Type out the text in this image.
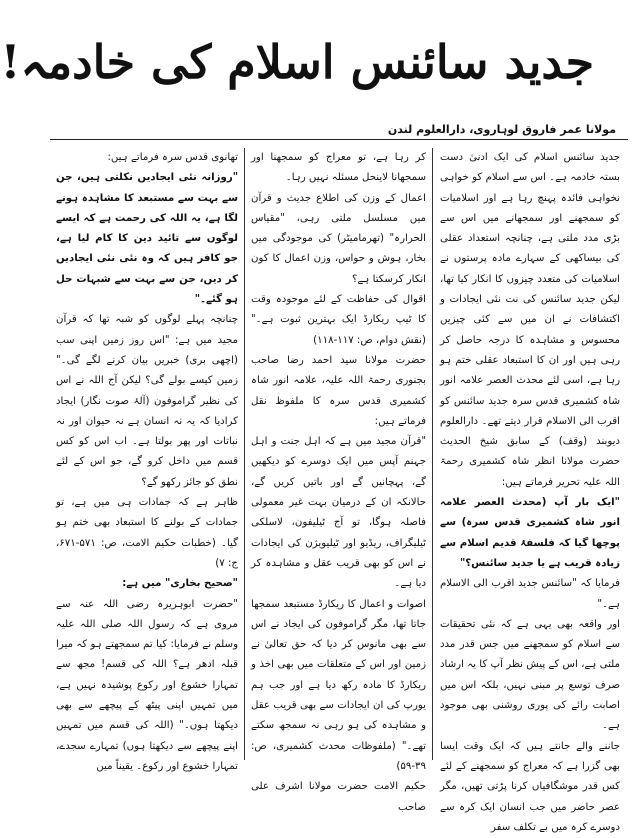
جدید سائنس اسلام کی خادمہ!
مولانا عمر فاروق لوہاروی، دارالعلوم لندن

جدید سائنس اسلام کی ایک ادنیٰ دست بستہ خادمہ ہے۔ اس سے اسلام کو خواہی نخواہی فائدہ پہنچ رہا ہے اور اسلامیات کو سمجھنے اور سمجھانے میں اس سے بڑی مدد ملتی ہے، چنانچہ استعداد عقلی کی بیساکھی کے سہارے مادہ پرستوں نے اسلامیات کی متعدد چیزوں کا انکار کیا تھا، لیکن جدید سائنس کی نت نئی ایجادات و اکتشافات نے ان میں سے کئی چیزیں محسوس و مشاہدہ کا درجہ حاصل کر رہی ہیں اور ان کا استبعاد عقلی ختم ہو رہا ہے، اسی لئے محدث العصر علامہ انور شاہ کشمیری قدس سرہ جدید سائنس کو اقرب الی الاسلام قرار دیتے تھے۔ دارالعلوم دیوبند (وقف) کے سابق شیخ الحدیث حضرت مولانا انظر شاہ کشمیری رحمۃ اللہ علیہ تحریر فرماتے ہیں:

"ایک بار آپ (محدث العصر علامہ انور شاہ کشمیری قدس سرہ) سے پوچھا گیا کہ فلسفۂ قدیم اسلام سے زیادہ قریب ہے یا جدید سائنس؟"

فرمایا کہ "سائنس جدید اقرب الی الاسلام ہے۔"

اور واقعہ بھی یہی ہے کہ نئی تحقیقات سے اسلام کو سمجھنے میں جس قدر مدد ملتی ہے، اس کے پیش نظر آپ کا یہ ارشاد صرف توسع پر مبنی نہیں، بلکہ اس میں اصابت رائے کی پوری روشنی بھی موجود ہے۔

جاننے والے جانتے ہیں کہ ایک وقت ایسا بھی گزرا ہے کہ معراج کو سمجھنے کے لئے کس قدر موشگافیاں کرنا پڑتی تھیں، مگر عصر حاضر میں جب انسان ایک کرہ سے دوسرے کرہ میں بے تکلف سفر

کر رہا ہے، تو معراج کو سمجھنا اور سمجھانا لاینحل مسئلہ نہیں رہا۔

اعمال کے وزن کی اطلاع جدیث و قرآن میں مسلسل ملتی رہی، "مقیاس الحرارہ" (تھرمامیٹر) کی موجودگی میں بخار، ہوش و حواس، وزن اعمال کا کون انکار کرسکتا ہے؟

اقوال کی حفاظت کے لئے موجودہ وقت کا ٹیپ ریکارڈ ایک بہترین ثبوت ہے۔" (نقش دوام، ص: ۱۱۷-۱۱۸)

حضرت مولانا سید احمد رضا صاحب بجنوری رحمۃ اللہ علیہ، علامہ انور شاہ کشمیری قدس سرہ کا ملفوظ نقل فرماتے ہیں:

"قرآن مجید میں ہے کہ اہل جنت و اہل جہنم آپس میں ایک دوسرے کو دیکھیں گے، پہچانیں گے اور باتیں کریں گے، حالانکہ ان کے درمیان بہت غیر معمولی فاصلہ ہوگا، تو آج ٹیلیفون، لاسلکی ٹیلیگراف، ریڈیو اور ٹیلیویژن کی ایجادات نے اس کو بھی قریب عقل و مشاہدہ کر دیا ہے۔

اصوات و اعمال کا ریکارڈ مستبعد سمجھا جاتا تھا، مگر گراموفون کی ایجاد نے اس سے بھی مانوس کر دیا کہ حق تعالیٰ نے زمین اور اس کے متعلقات میں بھی اخذ و ریکارڈ کا مادہ رکھ دیا ہے اور جب ہم یورپ کی ان ایجادات سے بھی قریب عقل و مشاہدہ کی ہو رہی نہ سمجھ سکتے تھے۔" (ملفوظات محدث کشمیری، ص: ۳۹-۵۹)

حکیم الامت حضرت مولانا اشرف علی صاحب

تھانوی قدس سرہ فرماتے ہیں:

"روزانہ نئی ایجادیں نکلتی ہیں، جن سے بہت سے مستبعد کا مشاہدہ ہونے لگا ہے، یہ اللہ کی رحمت ہے کہ ایسے لوگوں سے تائید دین کا کام لیا ہے، جو کافر ہیں کہ وہ نئی نئی ایجادیں کر دیں، جن سے بہت سے شبہات حل ہو گئے۔"

چنانچہ پہلے لوگوں کو شبہ تھا کہ قرآن مجید میں ہے: "اس روز زمین اپنی سب (اچھی بری) خبریں بیان کرنے لگے گی۔" زمین کیسے بولے گی؟ لیکن آج اللہ نے اس کی نظیر گراموفون (آلۂ صوت نگار) ایجاد کرادیا کہ یہ نہ انسان ہے نہ حیوان اور نہ نباتات اور پھر بولتا ہے۔ اب اس کو کس قسم میں داخل کرو گے، جو اس کے لئے نطق کو جائز رکھو گے؟

ظاہر ہے کہ جمادات ہی میں ہے، تو جمادات کے بولنے کا استبعاد بھی ختم ہو گیا۔ (خطبات حکیم الامت، ص: ۵۷۱-۶۷۱، ج: ۷)

"صحیح بخاری" میں ہے:

"حضرت ابوہریرہ رضی اللہ عنہ سے مروی ہے کہ رسول اللہ صلی اللہ علیہ وسلم نے فرمایا: کیا تم سمجھتے ہو کہ میرا قبلہ ادھر ہے؟ اللہ کی قسم! مجھ سے تمہارا خشوع اور رکوع پوشیدہ نہیں ہے، میں تمہیں اپنی پیٹھ کے پیچھے سے بھی دیکھتا ہوں۔" (اللہ کی قسم میں تمہیں اپنے پیچھے سے دیکھتا ہوں) تمہارے سجدے، تمہارا خشوع اور رکوع۔ یقیناً میں
